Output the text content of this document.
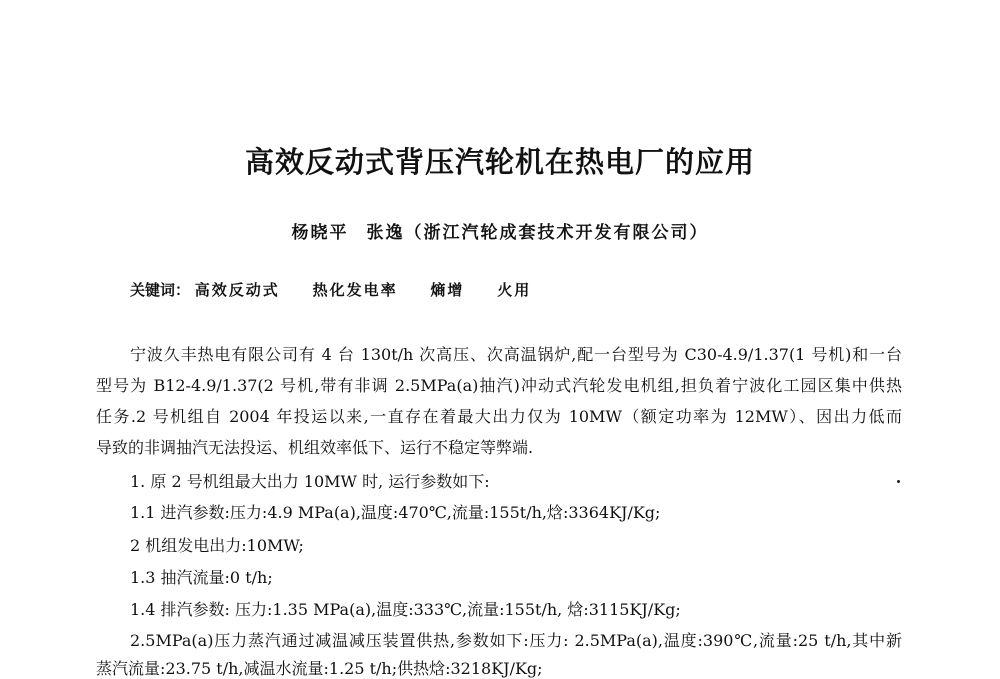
高效反动式背压汽轮机在热电厂的应用
杨晓平 张逸（浙江汽轮成套技术开发有限公司）
关键词： 高效反动式 热化发电率 熵增 火用
宁波久丰热电有限公司有 4 台 130t/h 次高压、次高温锅炉,配一台型号为 C30-4.9/1.37(1 号机)和一台
型号为 B12-4.9/1.37(2 号机,带有非调 2.5MPa(a)抽汽)冲动式汽轮发电机组,担负着宁波化工园区集中供热
任务.2 号机组自 2004 年投运以来,一直存在着最大出力仅为 10MW（额定功率为 12MW）、因出力低而
导致的非调抽汽无法投运、机组效率低下、运行不稳定等弊端.
1. 原 2 号机组最大出力 10MW 时, 运行参数如下:
1.1 进汽参数:压力:4.9 MPa(a),温度:470℃,流量:155t/h,焓:3364KJ/Kg;
2 机组发电出力:10MW;
1.3 抽汽流量:0 t/h;
1.4 排汽参数: 压力:1.35 MPa(a),温度:333℃,流量:155t/h, 焓:3115KJ/Kg;
2.5MPa(a)压力蒸汽通过减温减压装置供热,参数如下:压力: 2.5MPa(a),温度:390℃,流量:25 t/h,其中新
蒸汽流量:23.75 t/h,减温水流量:1.25 t/h;供热焓:3218KJ/Kg;
